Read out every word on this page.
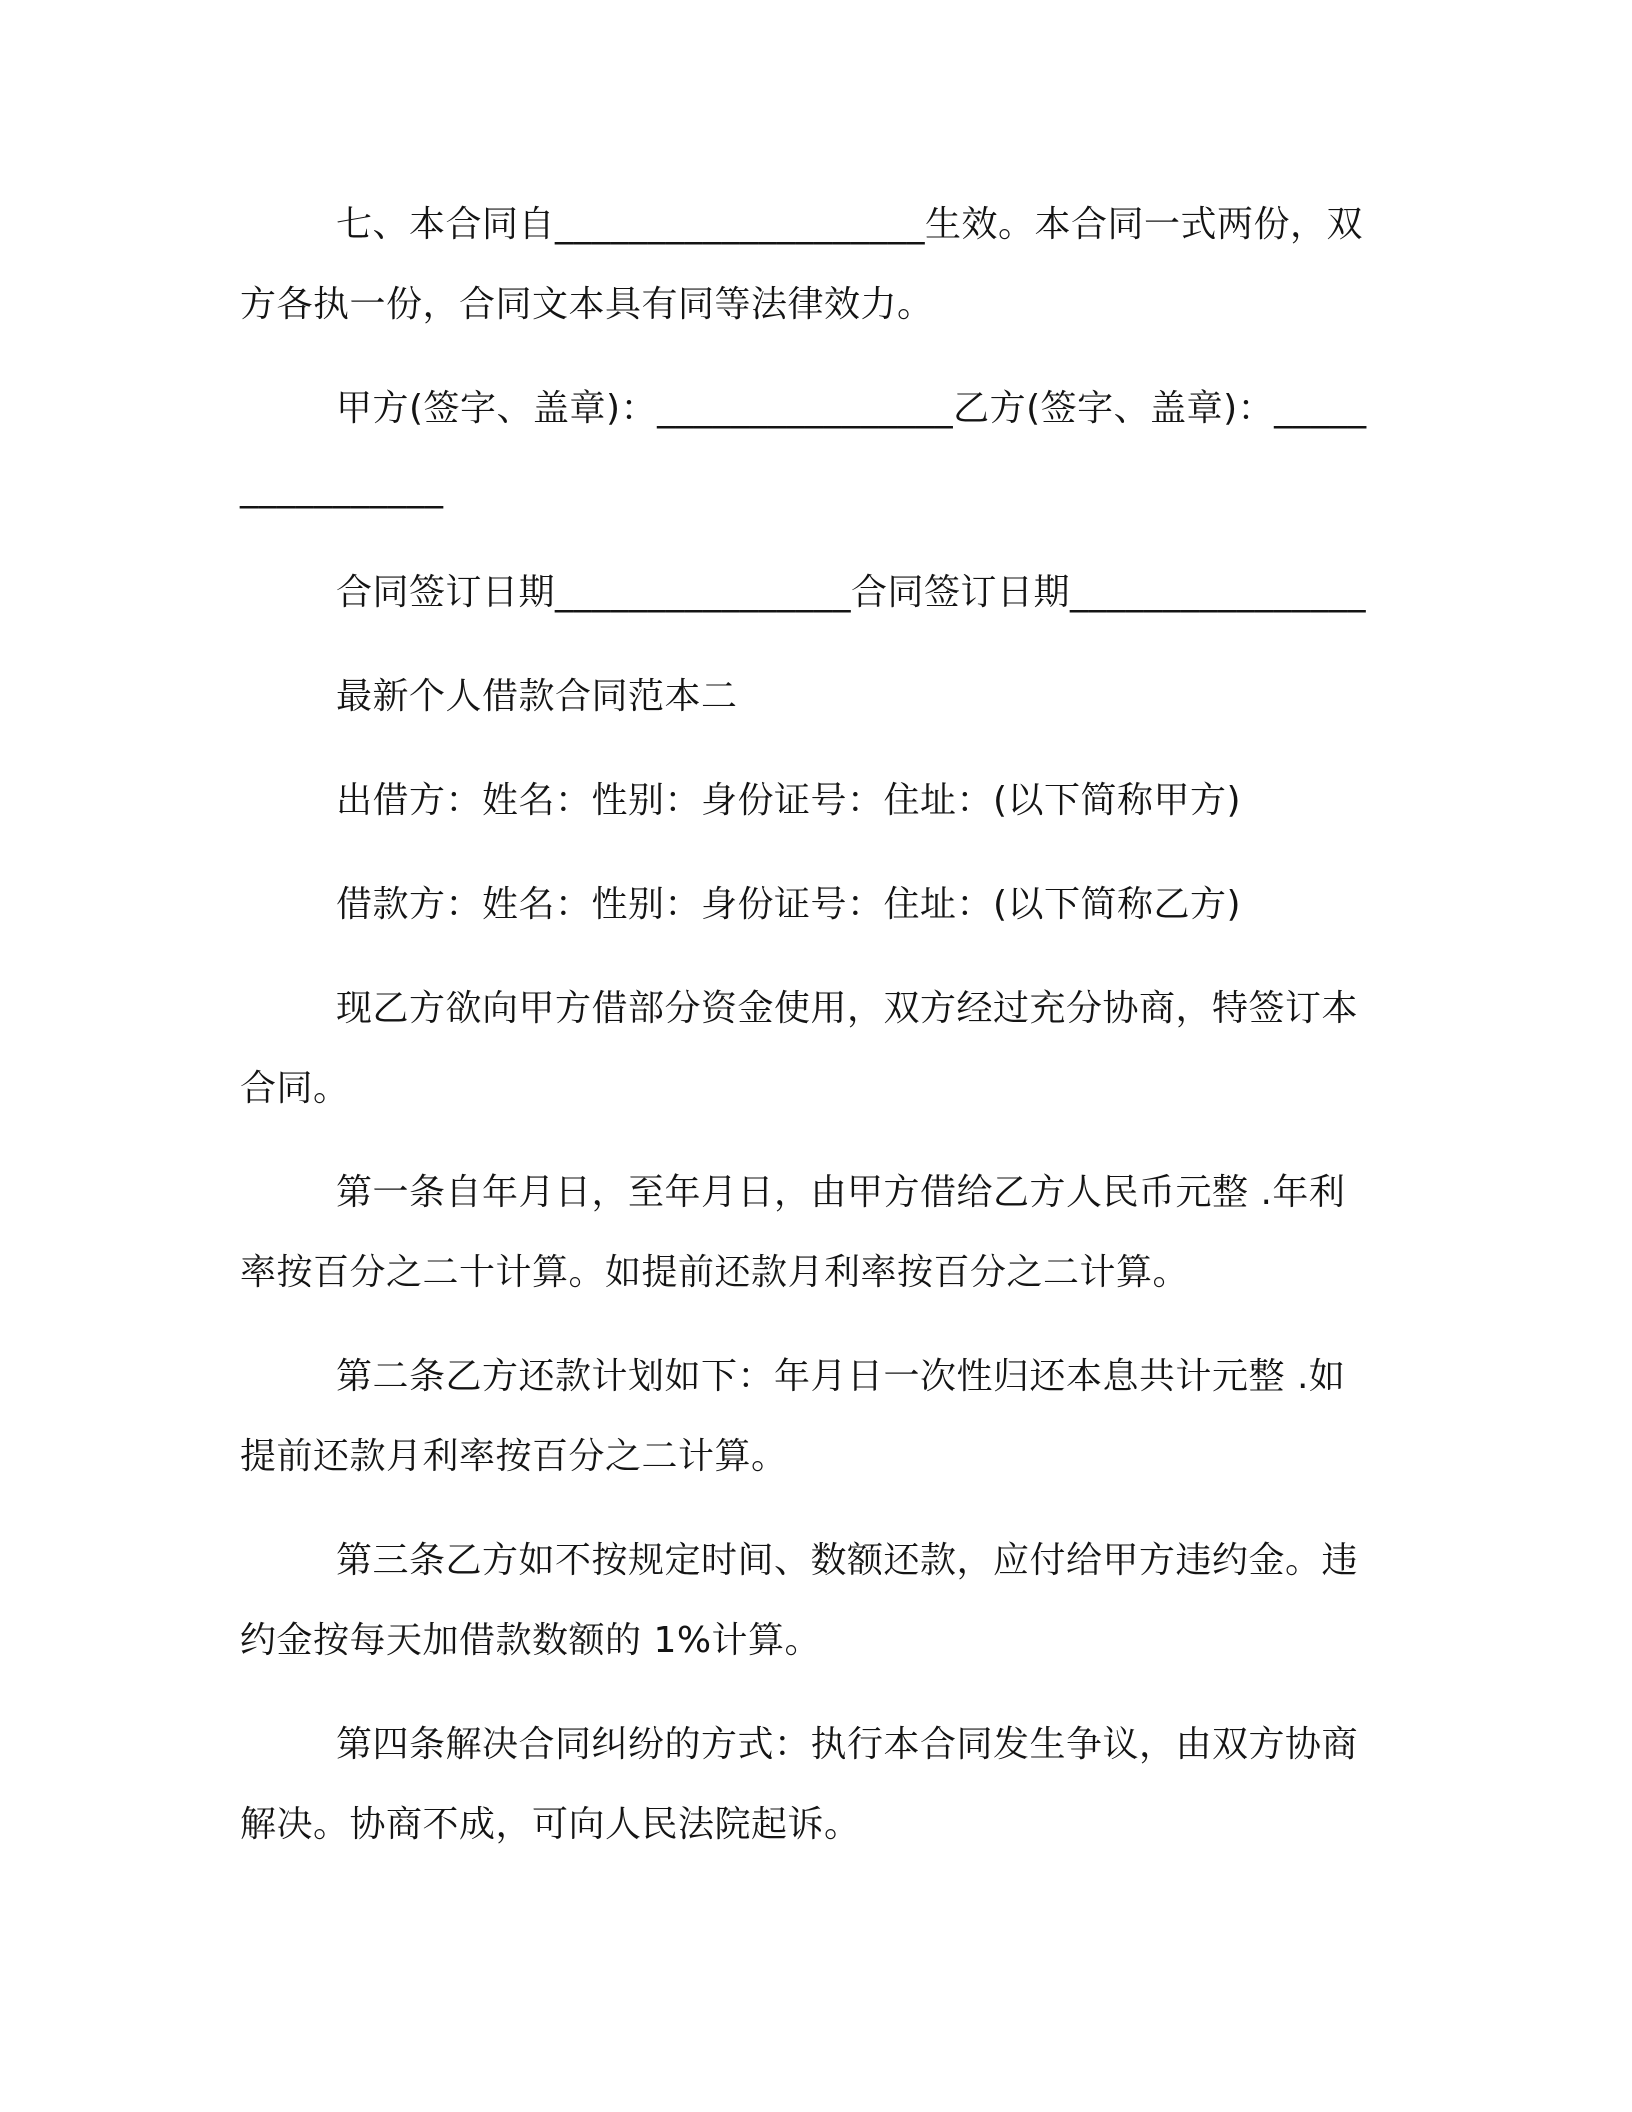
七、本合同自____________________生效。本合同一式两份，双方各执一份，合同文本具有同等法律效力。

甲方(签字、盖章)：________________乙方(签字、盖章)：________________

合同签订日期________________合同签订日期________________

最新个人借款合同范本二

出借方：姓名：性别：身份证号：住址：(以下简称甲方)

借款方：姓名：性别：身份证号：住址：(以下简称乙方)

现乙方欲向甲方借部分资金使用，双方经过充分协商，特签订本合同。

第一条自年月日，至年月日，由甲方借给乙方人民币元整 .年利率按百分之二十计算。如提前还款月利率按百分之二计算。

第二条乙方还款计划如下：年月日一次性归还本息共计元整 .如提前还款月利率按百分之二计算。

第三条乙方如不按规定时间、数额还款，应付给甲方违约金。违约金按每天加借款数额的 1%计算。

第四条解决合同纠纷的方式：执行本合同发生争议，由双方协商解决。协商不成，可向人民法院起诉。
